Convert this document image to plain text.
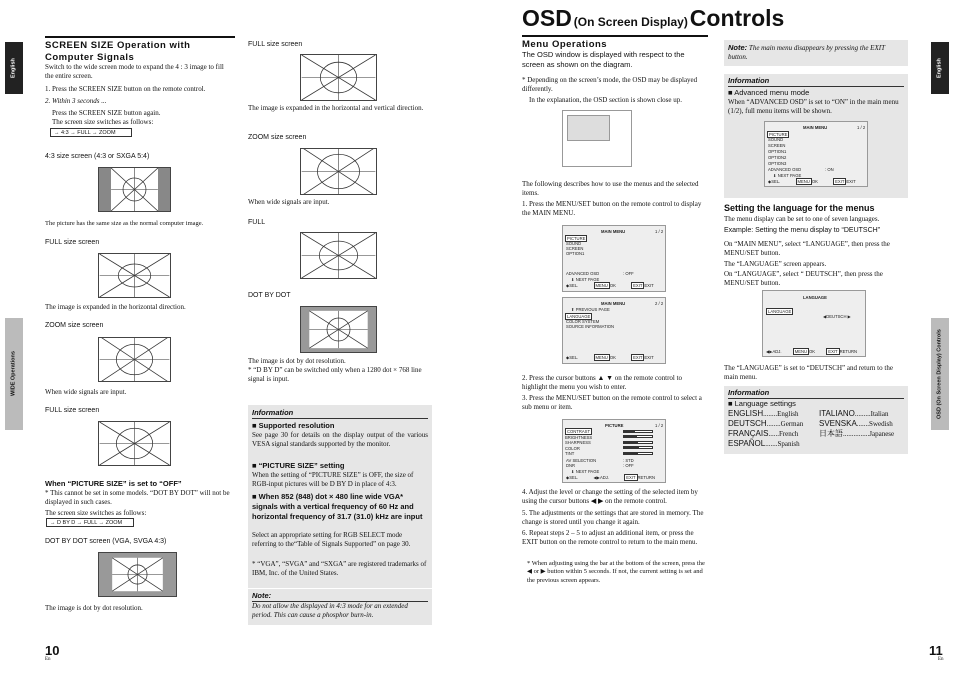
English
WIDE Operations
English
OSD (On Screen Display) Controls
SCREEN SIZE Operation with Computer Signals

Switch to the wide screen mode to expand the 4 : 3 image to fill the entire screen.

1. Press the SCREEN SIZE button on the remote control.

2. Within 3 seconds ...

Press the SCREEN SIZE button again.

The screen size switches as follows:

→ 4:3 → FULL → ZOOM
4:3 size screen (4:3 or SXGA 5:4)

The picture has the same size as the normal computer image.

FULL size screen

The image is expanded in the horizontal direction.

ZOOM size screen

When wide signals are input.

FULL size screen
When “PICTURE SIZE” is set to “OFF”

* This cannot be set in some models. “DOT BY DOT” will not be displayed in such cases.

The screen size switches as follows:

→ D BY D → FULL → ZOOM
DOT BY DOT screen (VGA, SVGA 4:3)

The image is dot by dot resolution.

FULL size screen

The image is expanded in the horizontal and vertical direction.

ZOOM size screen

When wide signals are input.

FULL
DOT BY DOT

The image is dot by dot resolution.

* “D BY D” can be switched only when a 1280 dot × 768 line signal is input.

Information
■ Supported resolution

See page 30 for details on the display output of the various VESA signal standards supported by the monitor.

■ “PICTURE SIZE” setting

When the setting of “PICTURE SIZE” is OFF, the size of RGB-input pictures will be D BY D in place of 4:3.

■ When 852 (848) dot × 480 line wide VGA* signals with a vertical frequency of 60 Hz and horizontal frequency of 31.7 (31.0) kHz are input

Select an appropriate setting for RGB SELECT mode referring to the“Table of Signals Supported” on page 30.

* “VGA”, “SVGA” and “SXGA” are registered trademarks of IBM, Inc. of the United States.

Note:

Do not allow the displayed in 4:3 mode for an extended period. This can cause a phosphor burn-in.

10
En
OSD (On Screen Display) Controls
Menu Operations

The OSD window is displayed with respect to the screen as shown on the diagram.

* Depending on the screen’s mode, the OSD may be displayed differently.

In the explanation, the OSD section is shown close up.

The following describes how to use the menus and the selected items.

1. Press the MENU/SET button on the remote control to display the MAIN MENU.

MAIN MENU	1 / 2
PICTURE
SOUND
SCREEN
OPTION1
ADVANCED OSD	: OFF
⬇ NEXT PAGE
◆SEL.	MENU OK	EXIT EXIT
MAIN MENU	2 / 2
⬆ PREVIOUS PAGE
LANGUAGE
COLOR SYSTEM
SOURCE INFORMATION
◆SEL.	MENU OK	EXIT EXIT

2. Press the cursor buttons ▲ ▼ on the remote control to highlight the menu you wish to enter.

3. Press the MENU/SET button on the remote control to select a sub menu or item.

PICTURE	1 / 2
CONTRAST
BRIGHTNESS
SHARPNESS
COLOR
TINT
AV SELECTION	: STD
DNR	: OFF
⬇ NEXT PAGE
◆SEL.	◀▶ADJ.	EXIT RETURN

4. Adjust the level or change the setting of the selected item by using the cursor buttons ◀ ▶ on the remote control.

5. The adjustments or the settings that are stored in memory. The change is stored until you change it again.

6. Repeat steps 2 – 5 to adjust an additional item, or press the EXIT button on the remote control to return to the main menu.

* When adjusting using the bar at the bottom of the screen, press the ◀ or ▶ button within 5 seconds. If not, the current setting is set and the previous screen appears.

Note: The main menu disappears by pressing the EXIT button.

Information
■ Advanced menu mode

When “ADVANCED OSD” is set to “ON” in the main menu (1/2), full menu items will be shown.

MAIN MENU	1 / 2
PICTURE
SOUND
SCREEN
OPTION1
OPTION2
OPTION3
ADVANCED OSD	: ON
⬇ NEXT PAGE
◆SEL.	MENU OK	EXIT EXIT
Setting the language for the menus

The menu display can be set to one of seven languages.

Example: Setting the menu display to “DEUTSCH”

On “MAIN MENU”, select “LANGUAGE”, then press the MENU/SET button.

The “LANGUAGE” screen appears.

On “LANGUAGE”, select “ DEUTSCH”, then press the MENU/SET button.

LANGUAGE
LANGUAGE
◀DEUTSCH ▶
◀▶ADJ.	MENU OK	EXIT RETURN

The “LANGUAGE” is set to “DEUTSCH” and return to the main menu.

Information
■ Language settings
ENGLISH........English
DEUTSCH........German
FRANÇAIS......French
ESPAÑOL.......Spanish
ITALIANO.........Italian
SVENSKA.......Swedish
日本語...............Japanese
11
En
